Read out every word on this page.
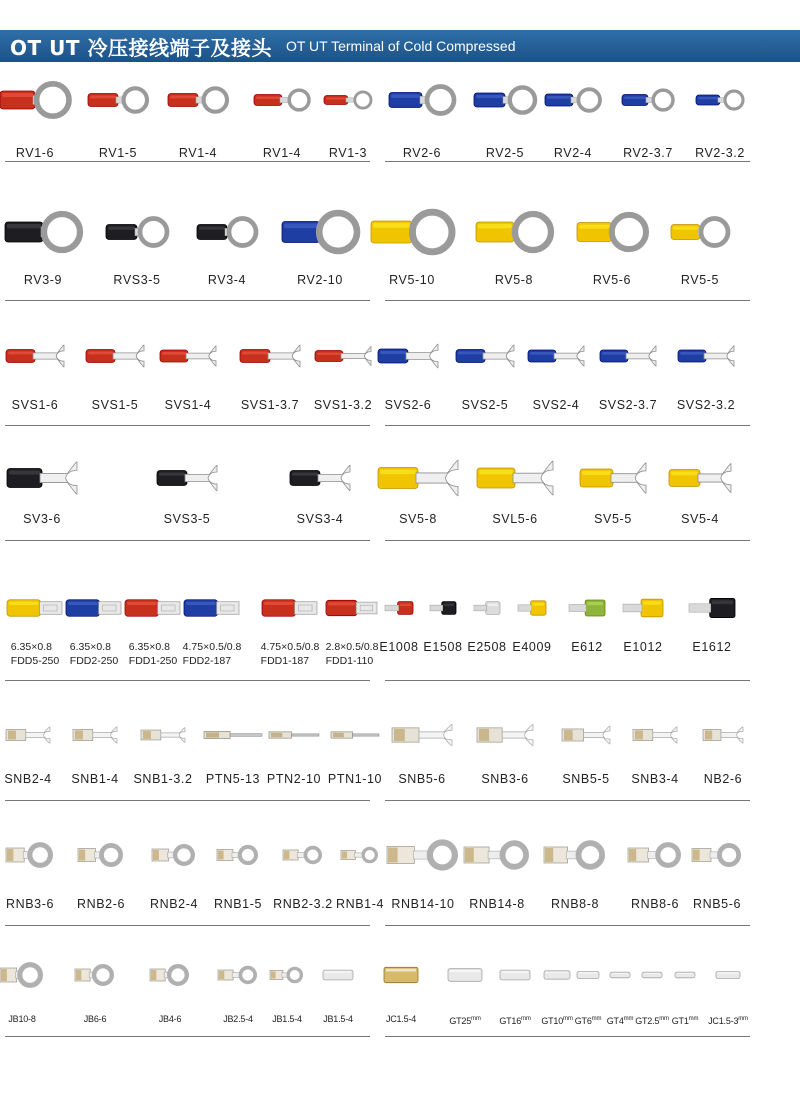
OT UT 冷压接线端子及接头 OT UT Terminal of Cold Compressed
RV1-6	RV1-5	RV1-4	RV1-4 RV1-3	RV2-6	RV2-5 RV2-4 RV2-3.7 RV2-3.2
RV3-9	RVS3-5	RV3-4	RV2-10	RV5-10	RV5-8	RV5-6	RV5-5
SVS1-6	SVS1-5 SVS1-4 SVS1-3.7 SVS1-3.2 SVS2-6 SVS2-5 SVS2-4 SVS2-3.7 SVS2-3.2
SV3-6	SVS3-5	SVS3-4	SV5-8	SVL5-6	SV5-5	SV5-4
6.35×0.8
FDD5-250
6.35×0.8
FDD2-250
6.35×0.8
FDD1-250
4.75×0.5/0.8
FDD2-187
4.75×0.5/0.8
FDD1-187
2.8×0.5/0.8
FDD1-110
E1008 E1508 E2508 E4009 E612 E1012 E1612
SNB2-4 SNB1-4 SNB1-3.2 PTN5-13 PTN2-10 PTN1-10 SNB5-6	SNB3-6	SNB5-5 SNB3-4 NB2-6
RNB3-6 RNB2-6 RNB2-4 RNB1-5 RNB2-3.2 RNB1-4 RNB14-10 RNB14-8 RNB8-8	RNB8-6 RNB5-6
JB10-8	JB6-6	JB4-6	JB2.5-4 JB1.5-4 JB1.5-4	JC1.5-4	$GT25^{mm}$ $GT16^{mm}$ $GT10^{mm}$ $GT6^{mm}$ $GT4^{mm}$ $GT2.5^{mm}$ $GT1^{mm}$ $JC1.5-3^{mm}$
